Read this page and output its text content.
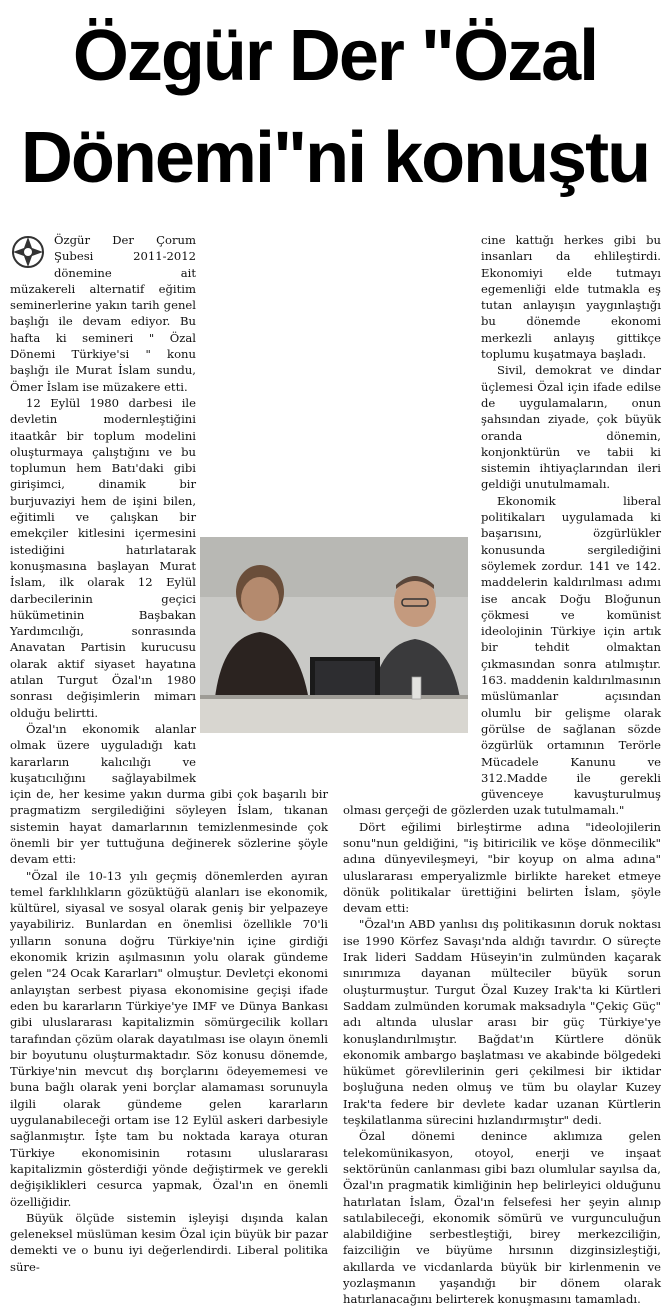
Özgür Der "Özal
Dönemi"ni konuştu

Özgür Der Çorum Şubesi 2011-2012 dönemine ait müzakereli alternatif eğitim seminerlerine yakın tarih genel başlığı ile devam ediyor. Bu hafta ki semineri " Özal Dönemi Türkiye'si " konu başlığı ile Murat İslam sundu, Ömer İslam ise müzakere etti.

12 Eylül 1980 darbesi ile devletin modernleştiğini itaatkâr bir toplum modelini oluşturmaya çalıştığını ve bu toplumun hem Batı'daki gibi girişimci, dinamik bir burjuvaziyi hem de işini bilen, eğitimli ve çalışkan bir emekçiler kitlesini içermesini istediğini hatırlatarak konuşmasına başlayan Murat İslam, ilk olarak 12 Eylül darbecilerinin geçici hükümetinin Başbakan Yardımcılığı, sonrasında Anavatan Partisin kurucusu olarak aktif siyaset hayatına atılan Turgut Özal'ın 1980 sonrası değişimlerin mimarı olduğu belirtti.

Özal'ın ekonomik alanlar olmak üzere uyguladığı katı kararların kalıcılığı ve kuşatıcılığını sağlayabilmek için de, her kesime yakın durma gibi çok başarılı bir pragmatizm sergilediğini söyleyen İslam, tıkanan sistemin hayat damarlarının temizlenmesinde çok önemli bir yer tuttuğuna değinerek sözlerine şöyle devam etti:

"Özal ile 10-13 yılı geçmiş dönemlerden ayıran temel farklılıkların gözüktüğü alanları ise ekonomik, kültürel, siyasal ve sosyal olarak geniş bir yelpazeye yayabiliriz. Bunlardan en önemlisi özellikle 70'li yılların sonuna doğru Türkiye'nin içine girdiği ekonomik krizin aşılmasının yolu olarak gündeme gelen "24 Ocak Kararları" olmuştur. Devletçi ekonomi anlayıştan serbest piyasa ekonomisine geçişi ifade eden bu kararların Türkiye'ye IMF ve Dünya Bankası gibi uluslararası kapitalizmin sömürgecilik kolları tarafından çözüm olarak dayatılması ise olayın önemli bir boyutunu oluşturmaktadır. Söz konusu dönemde, Türkiye'nin mevcut dış borçlarını ödeyememesi ve buna bağlı olarak yeni borçlar alamaması sorunuyla ilgili olarak gündeme gelen kararların uygulanabileceği ortam ise 12 Eylül askeri darbesiyle sağlanmıştır. İşte tam bu noktada karaya oturan Türkiye ekonomisinin rotasını uluslararası kapitalizmin gösterdiği yönde değiştirmek ve gerekli değişiklikleri cesurca yapmak, Özal'ın en önemli özelliğidir.

Büyük ölçüde sistemin işleyişi dışında kalan geleneksel müslüman kesim Özal için büyük bir pazar demekti ve o bunu iyi değerlendirdi. Liberal politika süre-

cine kattığı herkes gibi bu insanları da ehlileştirdi. Ekonomiyi elde tutmayı egemenliği elde tutmakla eş tutan anlayışın yaygınlaştığı bu dönemde ekonomi merkezli anlayış gittikçe toplumu kuşatmaya başladı.

Sivil, demokrat ve dindar üçlemesi Özal için ifade edilse de uygulamaların, onun şahsından ziyade, çok büyük oranda dönemin, konjonktürün ve tabii ki sistemin ihtiyaçlarından ileri geldiği unutulmamalı.

Ekonomik liberal politikaları uygulamada ki başarısını, özgürlükler konusunda sergilediğini söylemek zordur. 141 ve 142. maddelerin kaldırılması adımı ise ancak Doğu Bloğunun çökmesi ve komünist ideolojinin Türkiye için artık bir tehdit olmaktan çıkmasından sonra atılmıştır. 163. maddenin kaldırılmasının müslümanlar açısından olumlu bir gelişme olarak görülse de sağlanan sözde özgürlük ortamının Terörle Mücadele Kanunu ve 312.Madde ile gerekli güvenceye kavuşturulmuş olması gerçeği de gözlerden uzak tutulmamalı."

Dört eğilimi birleştirme adına "ideolojilerin sonu"nun geldiğini, "iş bitiricilik ve köşe dönmecilik" adına dünyevileşmeyi, "bir koyup on alma adına" uluslararası emperyalizmle birlikte hareket etmeye dönük politikalar ürettiğini belirten İslam, şöyle devam etti:

"Özal'ın ABD yanlısı dış politikasının doruk noktası ise 1990 Körfez Savaşı'nda aldığı tavırdır. O süreçte Irak lideri Saddam Hüseyin'in zulmünden kaçarak sınırımıza dayanan mülteciler büyük sorun oluşturmuştur. Turgut Özal Kuzey Irak'ta ki Kürtleri Saddam zulmünden korumak maksadıyla "Çekiç Güç" adı altında uluslar arası bir güç Türkiye'ye konuşlandırılmıştır. Bağdat'ın Kürtlere dönük ekonomik ambargo başlatması ve akabinde bölgedeki hükümet görevlilerinin geri çekilmesi bir iktidar boşluğuna neden olmuş ve tüm bu olaylar Kuzey Irak'ta federe bir devlete kadar uzanan Kürtlerin teşkilatlanma sürecini hızlandırmıştır" dedi.

Özal dönemi denince aklımıza gelen telekomünikasyon, otoyol, enerji ve inşaat sektörünün canlanması gibi bazı olumlular sayılsa da, Özal'ın pragmatik kimliğinin hep belirleyici olduğunu hatırlatan İslam, Özal'ın felsefesi her şeyin alınıp satılabileceği, ekonomik sömürü ve vurgunculuğun alabildiğine serbestleştiği, birey merkezciliğin, faizciliğin ve büyüme hırsının dizginsizleştiği, akıllarda ve vicdanlarda büyük bir kirlenmenin ve yozlaşmanın yaşandığı bir dönem olarak hatırlanacağını belirterek konuşmasını tamamladı.
